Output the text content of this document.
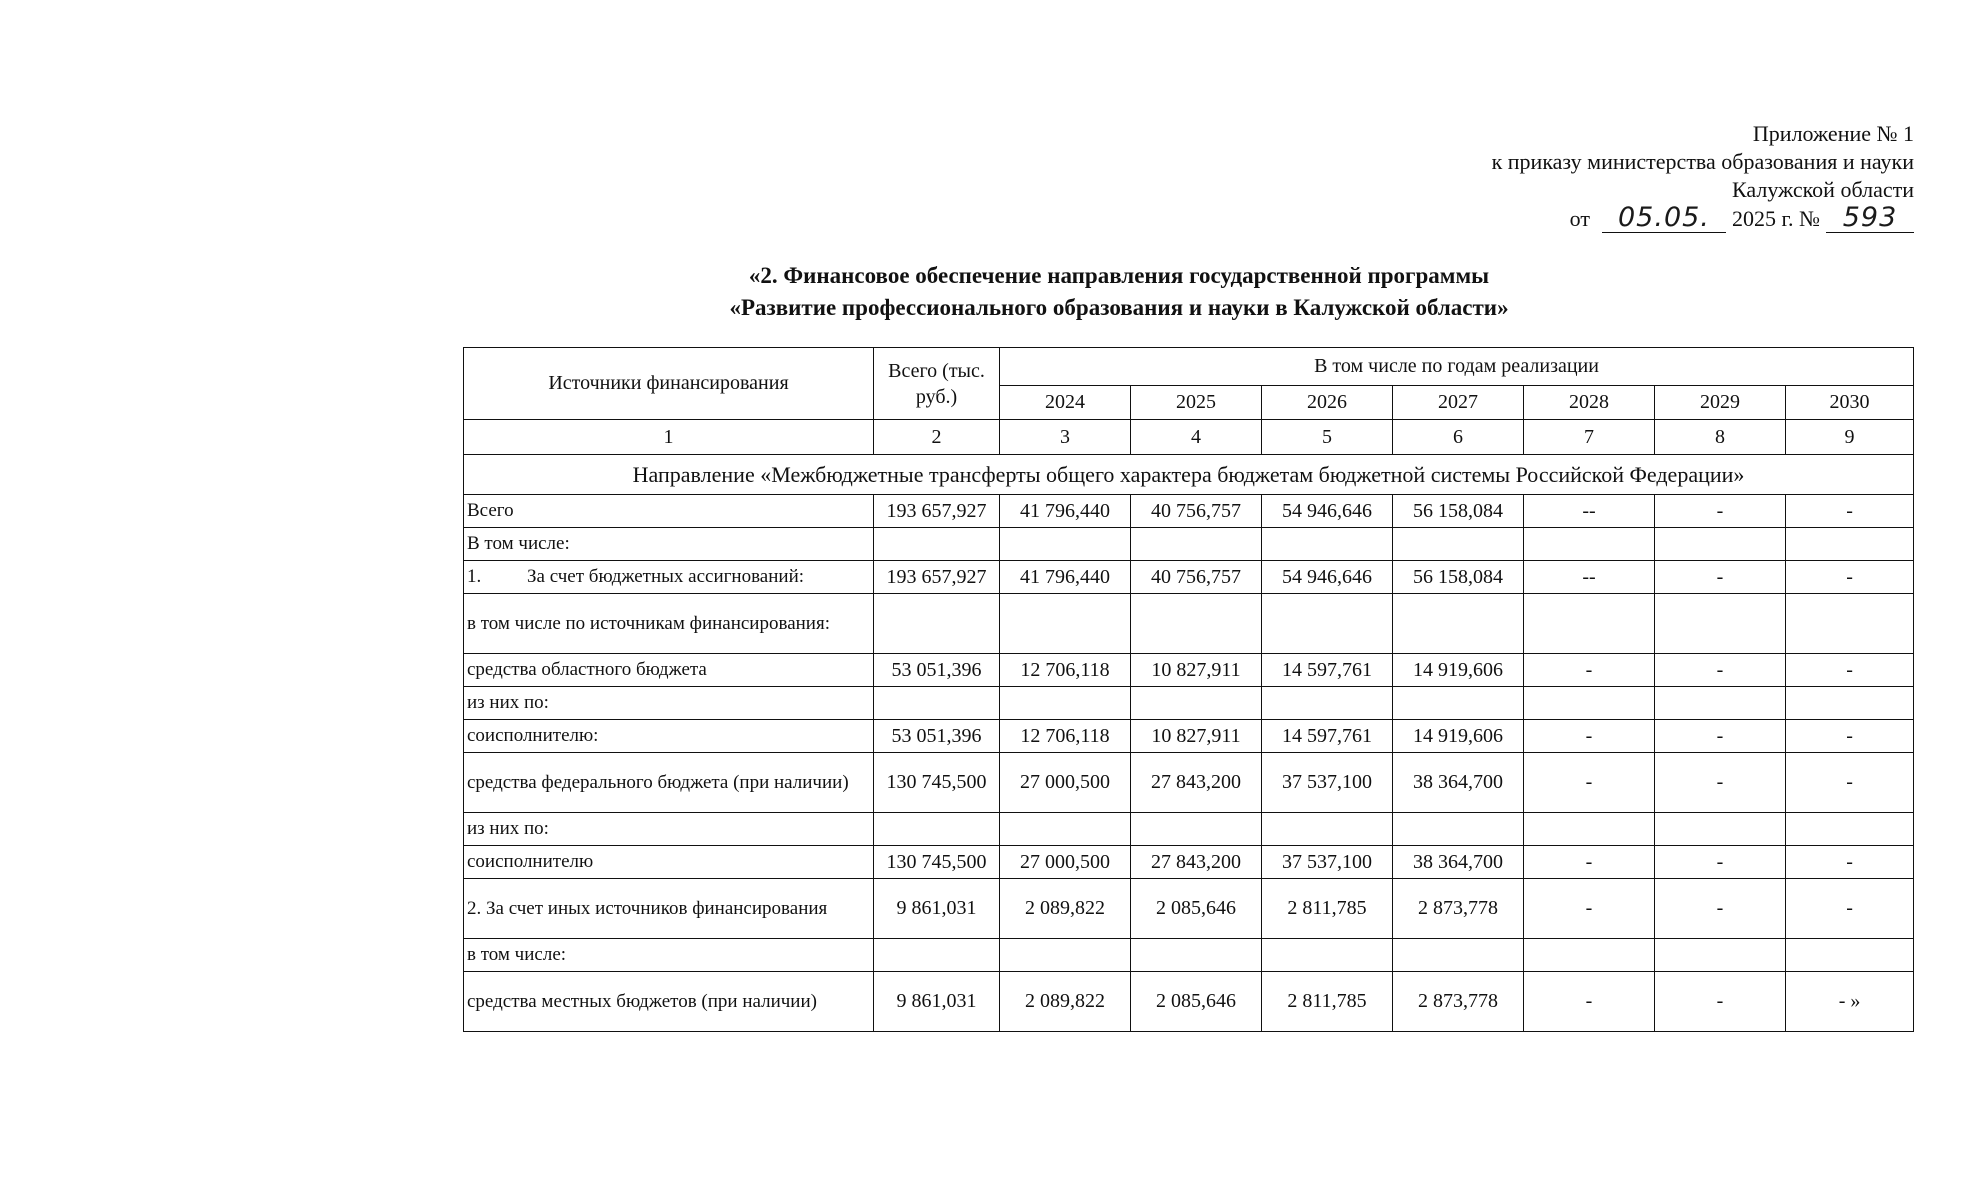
Приложение № 1
к приказу министерства образования и науки
Калужской области
от	05.05.	2025 г. № 593
«2. Финансовое обеспечение направления государственной программы
«Развитие профессионального образования и науки в Калужской области»
Источники финансирования	Всего (тыс. руб.)	В том числе по годам реализации						
		2024	2025	2026	2027	2028	2029	2030
1	2	3	4	5	6	7	8	9
Направление «Межбюджетные трансферты общего характера бюджетам бюджетной системы Российской Федерации»								
Всего	193 657,927	41 796,440	40 756,757	54 946,646	56 158,084	--	-	-
В том числе:								
1. За счет бюджетных ассигнований:	193 657,927	41 796,440	40 756,757	54 946,646	56 158,084	--	-	-
в том числе по источникам финансирования:								
средства областного бюджета	53 051,396	12 706,118	10 827,911	14 597,761	14 919,606	-	-	-
из них по:								
соисполнителю:	53 051,396	12 706,118	10 827,911	14 597,761	14 919,606	-	-	-
средства федерального бюджета (при наличии)	130 745,500	27 000,500	27 843,200	37 537,100	38 364,700	-	-	-
из них по:								
соисполнителю	130 745,500	27 000,500	27 843,200	37 537,100	38 364,700	-	-	-
2. За счет иных источников финансирования	9 861,031	2 089,822	2 085,646	2 811,785	2 873,778	-	-	-
в том числе:								
средства местных бюджетов (при наличии)	9 861,031	2 089,822	2 085,646	2 811,785	2 873,778	-	-	- »
